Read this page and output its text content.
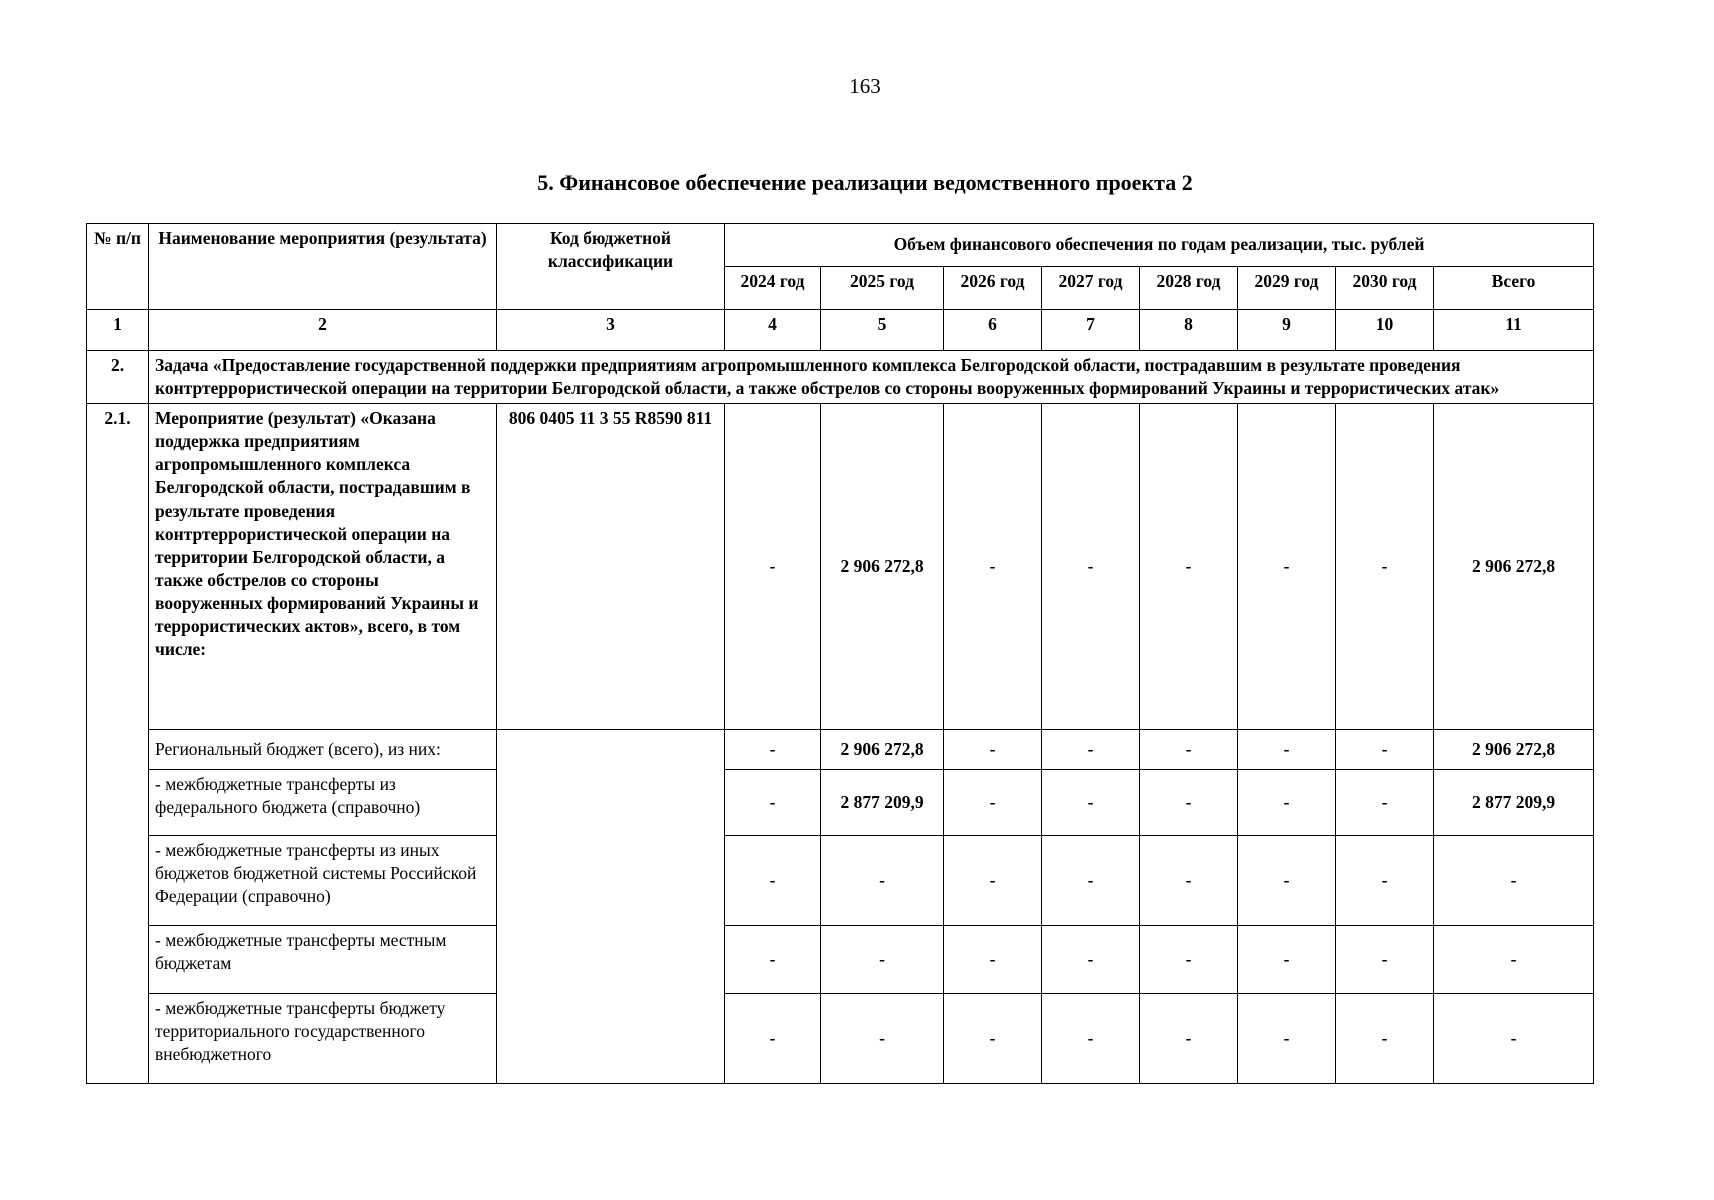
163
5. Финансовое обеспечение реализации ведомственного проекта 2
№ п/п	Наименование мероприятия (результата)	Код бюджетной классификации	Объем финансового обеспечения по годам реализации, тыс. рублей							
			2024 год	2025 год	2026 год	2027 год	2028 год	2029 год	2030 год	Всего
1	2	3	4	5	6	7	8	9	10	11
2.	Задача «Предоставление государственной поддержки предприятиям агропромышленного комплекса Белгородской области, пострадавшим в результате проведения контртеррористической операции на территории Белгородской области, а также обстрелов со стороны вооруженных формирований Украины и террористических атак»									
2.1.	Мероприятие (результат) «Оказана поддержка предприятиям агропромышленного комплекса Белгородской области, пострадавшим в результате проведения контртеррористической операции на территории Белгородской области, а также обстрелов со стороны вооруженных формирований Украины и террористических актов», всего, в том числе:	806 0405 11 3 55 R8590 811	-	2 906 272,8	-	-	-	-	-	2 906 272,8
	Региональный бюджет (всего), из них:		-	2 906 272,8	-	-	-	-	-	2 906 272,8
	- межбюджетные трансферты из федерального бюджета (справочно)		-	2 877 209,9	-	-	-	-	-	2 877 209,9
	- межбюджетные трансферты из иных бюджетов бюджетной системы Российской Федерации (справочно)		-	-	-	-	-	-	-	-
	- межбюджетные трансферты местным бюджетам		-	-	-	-	-	-	-	-
	- межбюджетные трансферты бюджету территориального государственного внебюджетного		-	-	-	-	-	-	-	-
